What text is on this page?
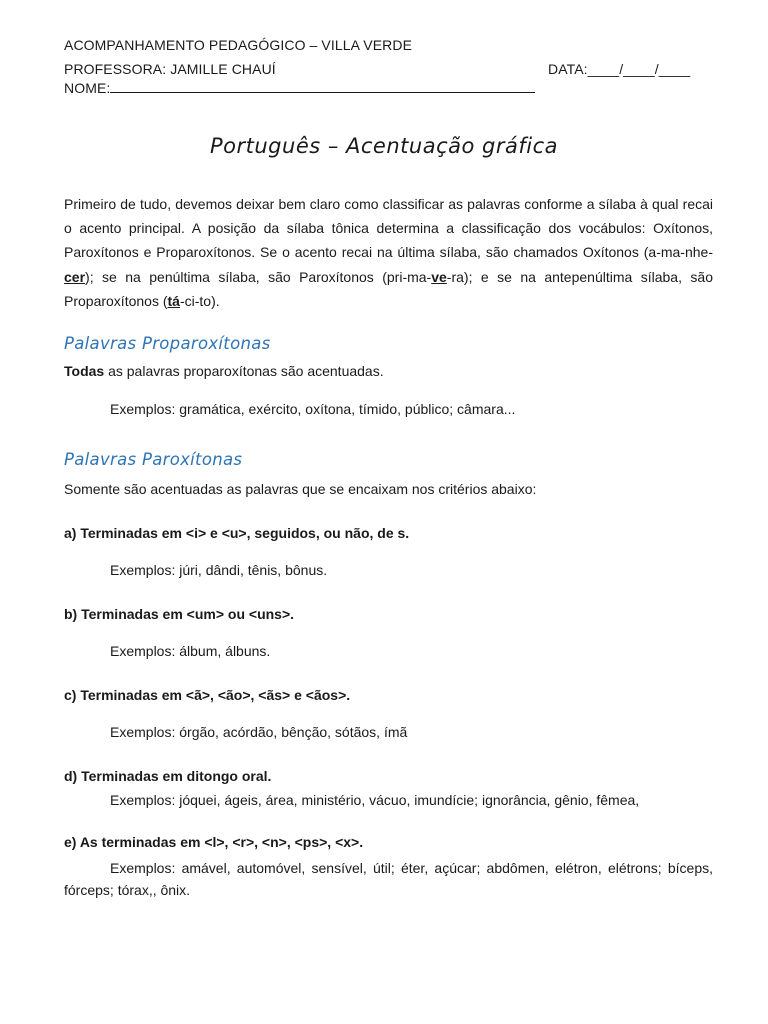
ACOMPANHAMENTO PEDAGÓGICO – VILLA VERDE
PROFESSORA: JAMILLE CHAUÍ	DATA:____/____/____
NOME:
Português – Acentuação gráfica
Primeiro de tudo, devemos deixar bem claro como classificar as palavras conforme a sílaba à qual recai o acento principal. A posição da sílaba tônica determina a classificação dos vocábulos: Oxítonos, Paroxítonos e Proparoxítonos. Se o acento recai na última sílaba, são chamados Oxítonos (a-ma-nhe-cer); se na penúltima sílaba, são Paroxítonos (pri-ma-ve-ra); e se na antepenúltima sílaba, são Proparoxítonos (tá-ci-to).
Palavras Proparoxítonas
Todas as palavras proparoxítonas são acentuadas.
Exemplos: gramática, exército, oxítona, tímido, público; câmara...
Palavras Paroxítonas
Somente são acentuadas as palavras que se encaixam nos critérios abaixo:
a) Terminadas em <i> e <u>, seguidos, ou não, de s.
Exemplos: júri, dândi, tênis, bônus.
b) Terminadas em <um> ou <uns>.
Exemplos: álbum, álbuns.
c) Terminadas em <ã>, <ão>, <ãs> e <ãos>.
Exemplos: órgão, acórdão, bênção, sótãos, ímã
d) Terminadas em ditongo oral.
Exemplos: jóquei, ágeis, área, ministério, vácuo, imundície; ignorância, gênio, fêmea,
e) As terminadas em <l>, <r>, <n>, <ps>, <x>.
Exemplos: amável, automóvel, sensível, útil; éter, açúcar; abdômen, elétron, elétrons; bíceps, fórceps; tórax,, ônix.
